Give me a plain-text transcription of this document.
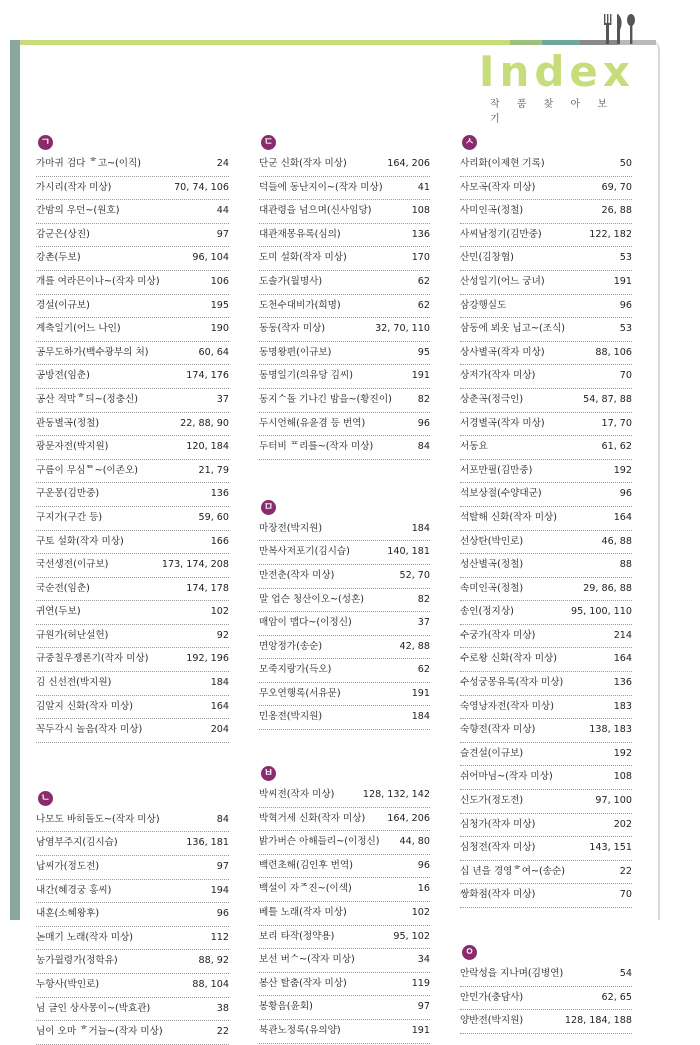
Index
작 품 찾 아 보 기
ㄱ
가마귀 검다 ᄒ고~(이직)	24
가시리(작자 미상)	70, 74, 106
간밤의 우던~(원호)	44
감군은(상진)	97
강촌(두보)	96, 104
개를 여라믄이나~(작자 미상)	106
경설(이규보)	195
계축일기(어느 나인)	190
공무도하가(백수광부의 처)	60, 64
공방전(임춘)	174, 176
공산 적막ᄒ듸~(정충신)	37
관동별곡(정철)	22, 88, 90
광문자전(박지원)	120, 184
구름이 무심ᄐ~(이존오)	21, 79
구운몽(김만중)	136
구지가(구간 등)	59, 60
구토 설화(작자 미상)	166
국선생전(이규보)	173, 174, 208
국순전(임춘)	174, 178
귀연(두보)	102
규원가(허난설헌)	92
규중칠우쟁론기(작자 미상)	192, 196
김 신선전(박지원)	184
김알지 신화(작자 미상)	164
꼭두각시 놀음(작자 미상)	204
ㄴ
나모도 바히돌도~(작자 미상)	84
남염부주지(김시습)	136, 181
납씨가(정도전)	97
내간(혜경궁 홍씨)	194
내훈(소혜왕후)	96
논매기 노래(작자 미상)	112
농가월령가(정학유)	88, 92
누항사(박인로)	88, 104
님 글인 상사몽이~(박효관)	38
님이 오마 ᄒ거늘~(작자 미상)	22
ㄷ
단군 신화(작자 미상)	164, 206
덕들에 동난지이~(작자 미상)	41
대관령을 넘으며(신사임당)	108
대관재몽유록(심의)	136
도미 설화(작자 미상)	170
도솔가(월명사)	62
도천수대비가(희명)	62
동동(작자 미상)	32, 70, 110
동명왕편(이규보)	95
동명일기(의유당 김씨)	191
동지ᄉ돌 기나긴 밤을~(황진이)	82
두시언해(유윤겸 등 번역)	96
두터비 ᄑ리를~(작자 미상)	84
ㅁ
마장전(박지원)	184
만복사저포기(김시습)	140, 181
만전춘(작자 미상)	52, 70
말 업슨 청산이오~(성혼)	82
매암이 맵다~(이정신)	37
면앙정가(송순)	42, 88
모죽지랑가(득오)	62
무오연행록(서유문)	191
민옹전(박지원)	184
ㅂ
박씨전(작자 미상)	128, 132, 142
박혁거세 신화(작자 미상)	164, 206
밝가버슨 아해들리~(이정신)	44, 80
백련초해(김인후 번역)	96
백설이 자ᄌ진~(이색)	16
베틀 노래(작자 미상)	102
보리 타작(정약용)	95, 102
보선 버ᄉ~(작자 미상)	34
봉산 탈춤(작자 미상)	119
봉황음(윤회)	97
북관노정록(유의양)	191
ㅅ
사리화(이제현 기록)	50
사모곡(작자 미상)	69, 70
사미인곡(정철)	26, 88
사씨남정기(김만중)	122, 182
산민(김창협)	53
산성일기(어느 궁녀)	191
삼강행실도	96
삼동에 뵈옷 닙고~(조식)	53
상사별곡(작자 미상)	88, 106
상저가(작자 미상)	70
상춘곡(정극인)	54, 87, 88
서경별곡(작자 미상)	17, 70
서동요	61, 62
서포만필(김만중)	192
석보상절(수양대군)	96
석탈해 신화(작자 미상)	164
선상탄(박인로)	46, 88
성산별곡(정철)	88
속미인곡(정철)	29, 86, 88
송인(정지상)	95, 100, 110
수궁가(작자 미상)	214
수로왕 신화(작자 미상)	164
수성궁몽유록(작자 미상)	136
숙영낭자전(작자 미상)	183
숙향전(작자 미상)	138, 183
슬견설(이규보)	192
쉬어마님~(작자 미상)	108
신도가(정도전)	97, 100
심청가(작자 미상)	202
심청전(작자 미상)	143, 151
십 년을 경영ᄒ여~(송순)	22
쌍화점(작자 미상)	70
ㅇ
안락성을 지나며(김병연)	54
안민가(충담사)	62, 65
양반전(박지원)	128, 184, 188
